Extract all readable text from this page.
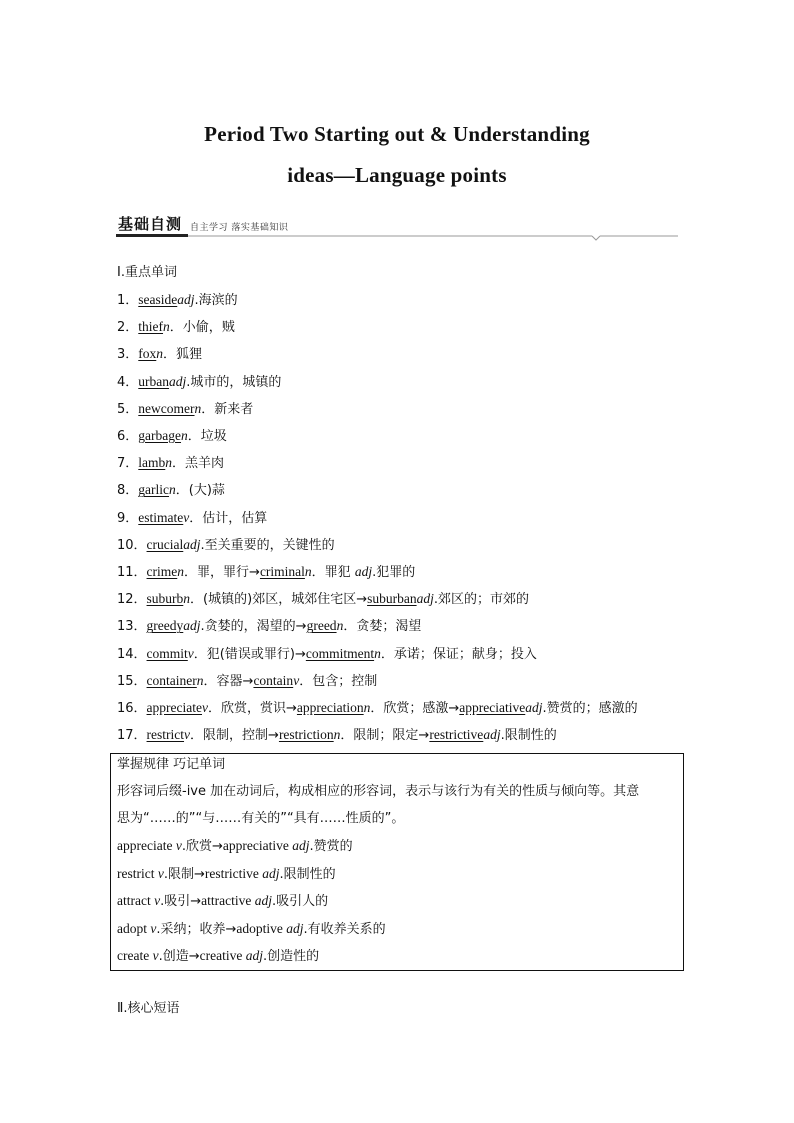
Period Two Starting out & Understanding
ideas—Language points
基础自测 自主学习 落实基础知识
Ⅰ.重点单词
1．seasideadj.海滨的
2．thiefn．小偷，贼
3．foxn．狐狸
4．urbanadj.城市的，城镇的
5．newcomern．新来者
6．garbagen．垃圾
7．lambn．羔羊肉
8．garlicn．(大)蒜
9．estimatev．估计，估算
10．crucialadj.至关重要的，关键性的
11．crimen．罪，罪行→criminaln．罪犯 adj.犯罪的
12．suburbn．(城镇的)郊区，城郊住宅区→suburbanadj.郊区的；市郊的
13．greedyadj.贪婪的，渴望的→greedn．贪婪；渴望
14．commitv．犯(错误或罪行)→commitmentn．承诺；保证；献身；投入
15．containern．容器→containv．包含；控制
16．appreciatev．欣赏，赏识→appreciationn．欣赏；感激→appreciativeadj.赞赏的；感激的
17．restrictv．限制，控制→restrictionn．限制；限定→restrictiveadj.限制性的
掌握规律 巧记单词
形容词后缀-ive 加在动词后，构成相应的形容词，表示与该行为有关的性质与倾向等。其意
思为“……的”“与……有关的”“具有……性质的”。
appreciate v.欣赏→appreciative adj.赞赏的
restrict v.限制→restrictive adj.限制性的
attract v.吸引→attractive adj.吸引人的
adopt v.采纳；收养→adoptive adj.有收养关系的
create v.创造→creative adj.创造性的
Ⅱ.核心短语
